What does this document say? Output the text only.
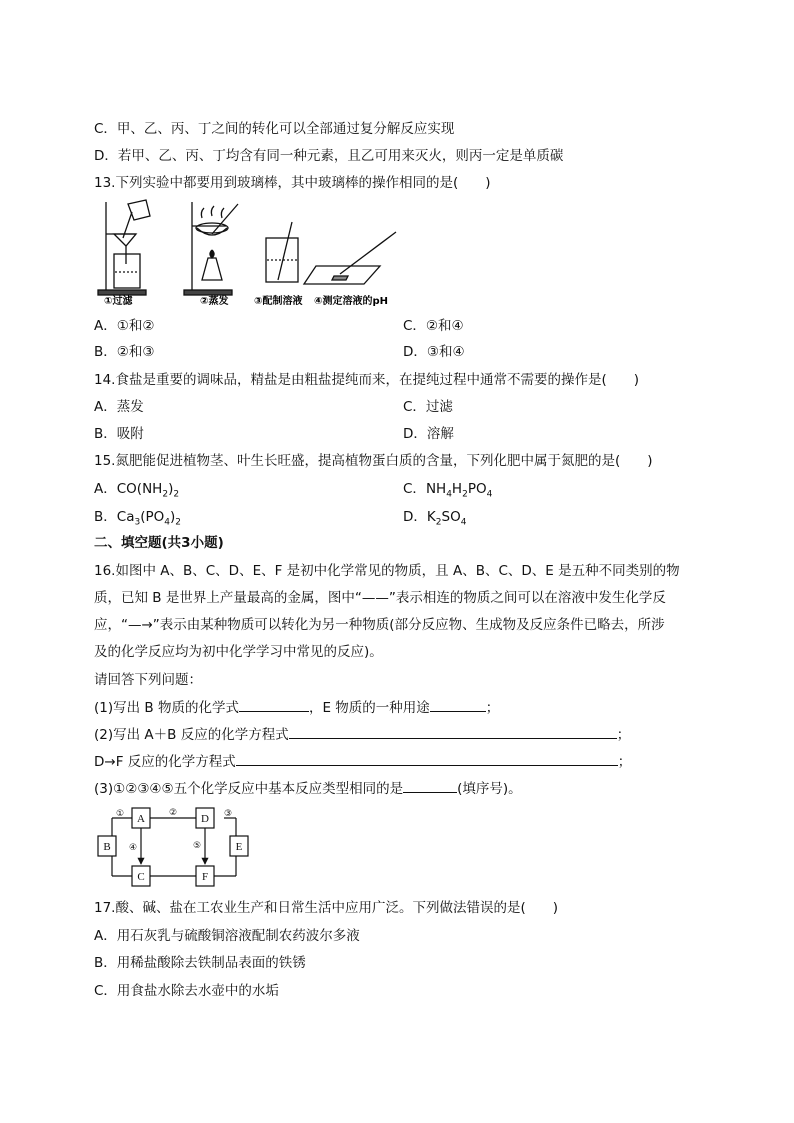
C．甲、乙、丙、丁之间的转化可以全部通过复分解反应实现
D．若甲、乙、丙、丁均含有同一种元素，且乙可用来灭火，则丙一定是单质碳
13.下列实验中都要用到玻璃棒，其中玻璃棒的操作相同的是(　　)
①过滤	②蒸发	③配制溶液 ④测定溶液的pH
A．①和②	C．②和④
B．②和③	D．③和④
14.食盐是重要的调味品，精盐是由粗盐提纯而来，在提纯过程中通常不需要的操作是(　　)
A．蒸发	C．过滤
B．吸附	D．溶解
15.氮肥能促进植物茎、叶生长旺盛，提高植物蛋白质的含量，下列化肥中属于氮肥的是(　　)
A．$CO(NH_2)_2$	C．$NH_4H_2PO_4$
B．$Ca_3(PO_4)_2$	D．$K_2SO_4$
二、填空题(共3小题)
16.如图中 A、B、C、D、E、F 是初中化学常见的物质，且 A、B、C、D、E 是五种不同类别的物
质，已知 B 是世界上产量最高的金属，图中“——”表示相连的物质之间可以在溶液中发生化学反
应，“—→”表示由某种物质可以转化为另一种物质(部分反应物、生成物及反应条件已略去，所涉
及的化学反应均为初中化学学习中常见的反应)。
请回答下列问题：
(1)写出 B 物质的化学式	，E 物质的一种用途	；
(2)写出 A＋B 反应的化学方程式	；
D→F 反应的化学方程式	；
(3)①②③④⑤五个化学反应中基本反应类型相同的是	(填序号)。
A
B
C
D
E
F
①	②	③
④	⑤
17.酸、碱、盐在工农业生产和日常生活中应用广泛。下列做法错误的是(　　)
A．用石灰乳与硫酸铜溶液配制农药波尔多液
B．用稀盐酸除去铁制品表面的铁锈
C．用食盐水除去水壶中的水垢
